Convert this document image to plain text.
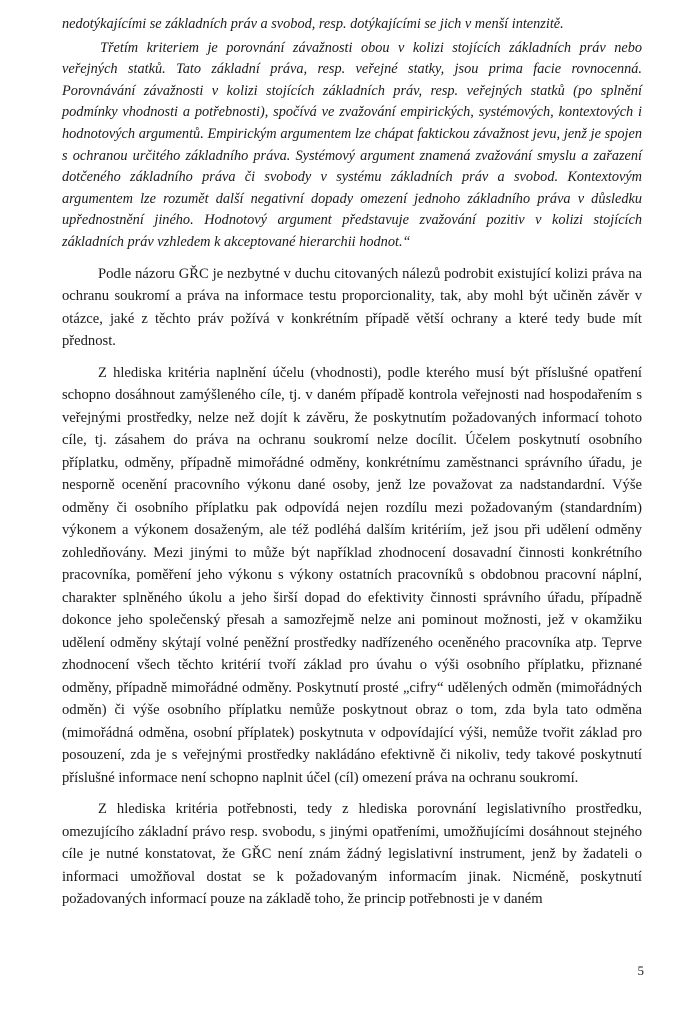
nedotýkajícími se základních práv a svobod, resp. dotýkajícími se jich v menší intenzitě.

Třetím kriteriem je porovnání závažnosti obou v kolizi stojících základních práv nebo veřejných statků. Tato základní práva, resp. veřejné statky, jsou prima facie rovnocenná. Porovnávání závažnosti v kolizi stojících základních práv, resp. veřejných statků (po splnění podmínky vhodnosti a potřebnosti), spočívá ve zvažování empirických, systémových, kontextových i hodnotových argumentů. Empirickým argumentem lze chápat faktickou závažnost jevu, jenž je spojen s ochranou určitého základního práva. Systémový argument znamená zvažování smyslu a zařazení dotčeného základního práva či svobody v systému základních práv a svobod. Kontextovým argumentem lze rozumět další negativní dopady omezení jednoho základního práva v důsledku upřednostnění jiného. Hodnotový argument představuje zvažování pozitiv v kolizi stojících základních práv vzhledem k akceptované hierarchii hodnot.“

Podle názoru GŘC je nezbytné v duchu citovaných nálezů podrobit existující kolizi práva na ochranu soukromí a práva na informace testu proporcionality, tak, aby mohl být učiněn závěr v otázce, jaké z těchto práv požívá v konkrétním případě větší ochrany a které tedy bude mít přednost.

Z hlediska kritéria naplnění účelu (vhodnosti), podle kterého musí být příslušné opatření schopno dosáhnout zamýšleného cíle, tj. v daném případě kontrola veřejnosti nad hospodařením s veřejnými prostředky, nelze než dojít k závěru, že poskytnutím požadovaných informací tohoto cíle, tj. zásahem do práva na ochranu soukromí nelze docílit. Účelem poskytnutí osobního příplatku, odměny, případně mimořádné odměny, konkrétnímu zaměstnanci správního úřadu, je nesporně ocenění pracovního výkonu dané osoby, jenž lze považovat za nadstandardní. Výše odměny či osobního příplatku pak odpovídá nejen rozdílu mezi požadovaným (standardním) výkonem a výkonem dosaženým, ale též podléhá dalším kritériím, jež jsou při udělení odměny zohledňovány. Mezi jinými to může být například zhodnocení dosavadní činnosti konkrétního pracovníka, poměření jeho výkonu s výkony ostatních pracovníků s obdobnou pracovní náplní, charakter splněného úkolu a jeho širší dopad do efektivity činnosti správního úřadu, případně dokonce jeho společenský přesah a samozřejmě nelze ani pominout možnosti, jež v okamžiku udělení odměny skýtají volné peněžní prostředky nadřízeného oceněného pracovníka atp. Teprve zhodnocení všech těchto kritérií tvoří základ pro úvahu o výši osobního příplatku, přiznané odměny, případně mimořádné odměny. Poskytnutí prosté „cifry“ udělených odměn (mimořádných odměn) či výše osobního příplatku nemůže poskytnout obraz o tom, zda byla tato odměna (mimořádná odměna, osobní příplatek) poskytnuta v odpovídající výši, nemůže tvořit základ pro posouzení, zda je s veřejnými prostředky nakládáno efektivně či nikoliv, tedy takové poskytnutí příslušné informace není schopno naplnit účel (cíl) omezení práva na ochranu soukromí.

Z hlediska kritéria potřebnosti, tedy z hlediska porovnání legislativního prostředku, omezujícího základní právo resp. svobodu, s jinými opatřeními, umožňujícími dosáhnout stejného cíle je nutné konstatovat, že GŘC není znám žádný legislativní instrument, jenž by žadateli o informaci umožňoval dostat se k požadovaným informacím jinak. Nicméně, poskytnutí požadovaných informací pouze na základě toho, že princip potřebnosti je v daném

5
